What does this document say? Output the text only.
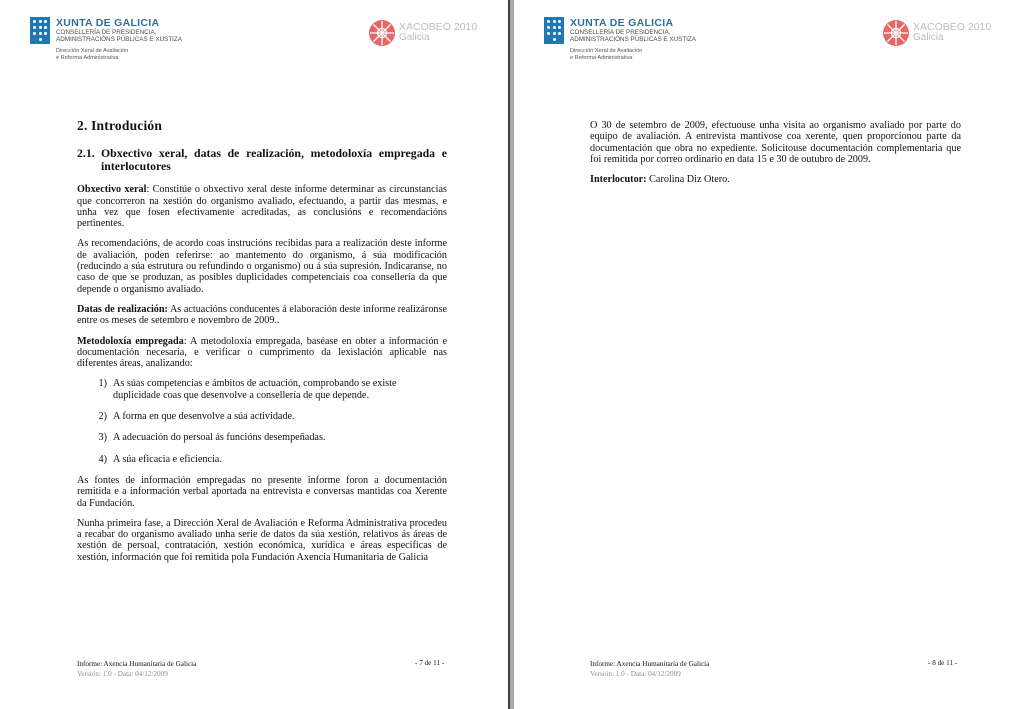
XUNTA DE GALICIA
CONSELLERÍA DE PRESIDENCIA,
ADMINISTRACIÓNS PÚBLICAS E XUSTIZA
Dirección Xeral de Avaliación
e Reforma Administrativa
XACOBEO 2010
Galicia
XUNTA DE GALICIA
CONSELLERÍA DE PRESIDENCIA,
ADMINISTRACIÓNS PÚBLICAS E XUSTIZA
Dirección Xeral de Avaliación
e Reforma Administrativa
XACOBEO 2010
Galicia
2. Introdución
2.1. Obxectivo xeral, datas de realización, metodoloxía empregada e interlocutores

Obxectivo xeral: Constitúe o obxectivo xeral deste informe determinar as circunstancias que concorreron na xestión do organismo avaliado, efectuando, a partir das mesmas, e unha vez que fosen efectivamente acreditadas, as conclusións e recomendacións pertinentes.

As recomendacións, de acordo coas instrucións recibidas para a realización deste informe de avaliación, poden referirse: ao mantemento do organismo, á súa modificación (reducindo a súa estrutura ou refundindo o organismo) ou á súa supresión. Indicaranse, no caso de que se produzan, as posibles duplicidades competenciais coa consellería da que depende o organismo avaliado.

Datas de realización: As actuacións conducentes á elaboración deste informe realizáronse entre os meses de setembro e novembro de 2009..

Metodoloxía empregada: A metodoloxía empregada, baséase en obter a información e documentación necesaria, e verificar o cumprimento da lexislación aplicable nas diferentes áreas, analizando:

1) As súas competencias e ámbitos de actuación, comprobando se existe duplicidade coas que desenvolve a consellería de que depende.
2) A forma en que desenvolve a súa actividade.
3) A adecuación do persoal ás funcións desempeñadas.
4) A súa eficacia e eficiencia.

As fontes de información empregadas no presente informe foron a documentación remitida e a información verbal aportada na entrevista e conversas mantidas coa Xerente da Fundación.

Nunha primeira fase, a Dirección Xeral de Avaliación e Reforma Administrativa procedeu a recabar do organismo avaliado unha serie de datos da súa xestión, relativos ás áreas de xestión de persoal, contratación, xestión económica, xurídica e áreas específicas de xestión, información que foi remitida pola Fundación Axencia Humanitaria de Galicia

Informe: Axencia Humanitaria de Galicia
Versión: 1.0 - Data: 04/12/2009
- 7 de 11 -

O 30 de setembro de 2009, efectuouse unha visita ao organismo avaliado por parte do equipo de avaliación. A entrevista mantívose coa xerente, quen proporcionou parte da documentación que obra no expediente. Solicitouse documentación complementaria que foi remitida por correo ordinario en data 15 e 30 de outubro de 2009.

Interlocutor: Carolina Diz Otero.

Informe: Axencia Humanitaria de Galicia
Versión: 1.0 - Data: 04/12/2009
- 8 de 11 -
